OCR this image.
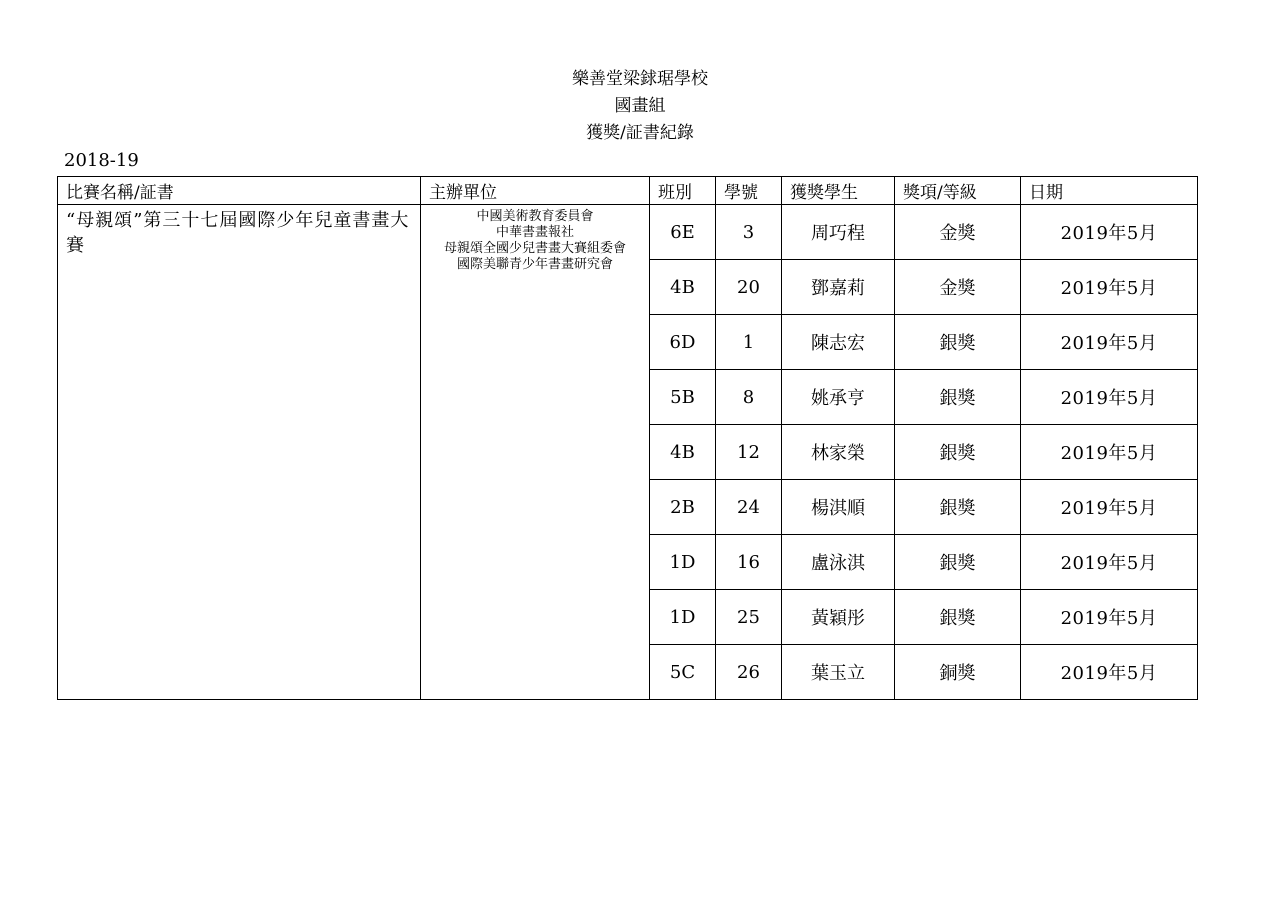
樂善堂梁銶琚學校
國畫組
獲獎/証書紀錄
2018-19
比賽名稱/証書	主辦單位	班別	學號	獲獎學生	獎項/等級	日期
“母親頌”第三十七屆國際少年兒童書畫大賽	中國美術教育委員會
中華書畫報社
母親頌全國少兒書畫大賽組委會
國際美聯青少年書畫研究會	6E	3	周巧程	金獎	2019年5月
		4B	20	鄧嘉莉	金獎	2019年5月
		6D	1	陳志宏	銀獎	2019年5月
		5B	8	姚承亨	銀獎	2019年5月
		4B	12	林家榮	銀獎	2019年5月
		2B	24	楊淇順	銀獎	2019年5月
		1D	16	盧泳淇	銀獎	2019年5月
		1D	25	黃穎彤	銀獎	2019年5月
		5C	26	葉玉立	銅獎	2019年5月
